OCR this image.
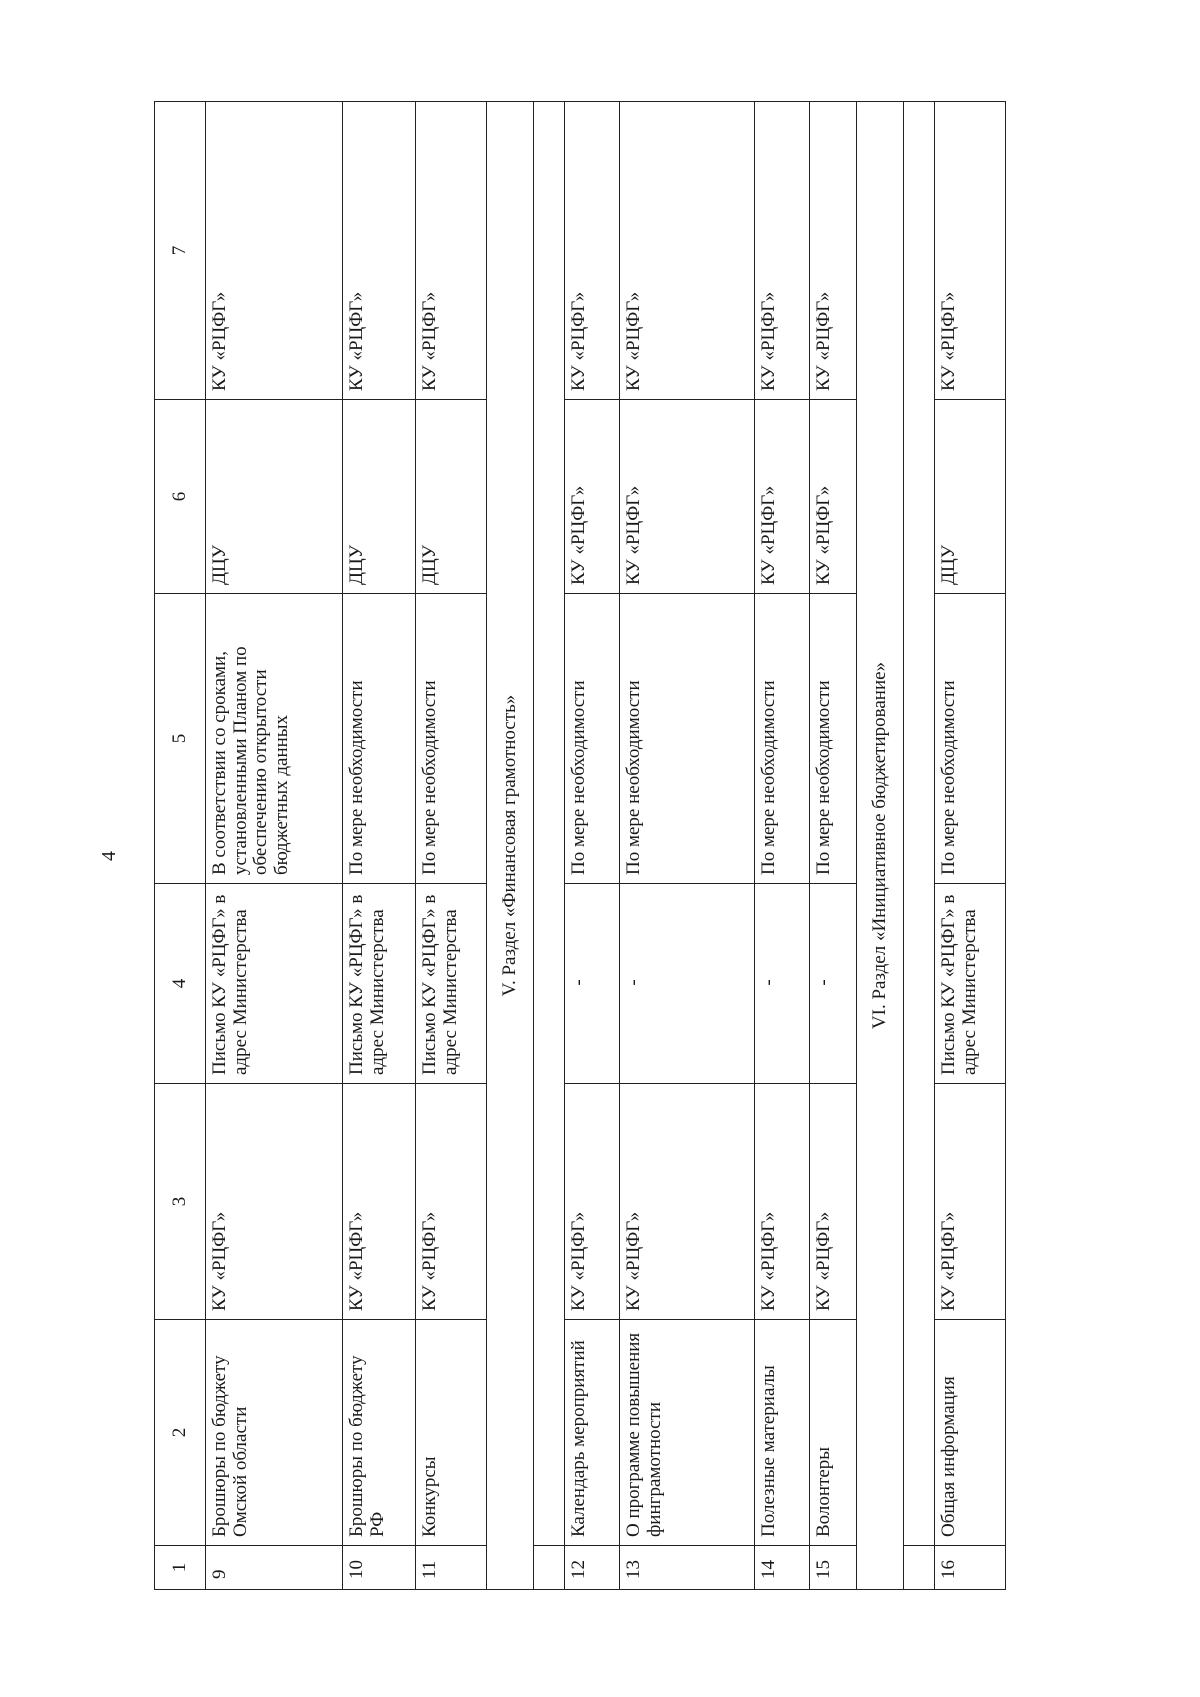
4
1	2	3	4	5	6	7
9	Брошюры по бюджету Омской области	КУ «РЦФГ»	Письмо КУ «РЦФГ» в адрес Министерства	В соответствии со сроками, установленными Планом по обеспечению открытости бюджетных данных	ДЦУ	КУ «РЦФГ»
10	Брошюры по бюджету РФ	КУ «РЦФГ»	Письмо КУ «РЦФГ» в адрес Министерства	По мере необходимости	ДЦУ	КУ «РЦФГ»
11	Конкурсы	КУ «РЦФГ»	Письмо КУ «РЦФГ» в адрес Министерства	По мере необходимости	ДЦУ	КУ «РЦФГ»
V. Раздел «Финансовая грамотность»						

12	Календарь мероприятий	КУ «РЦФГ»	-	По мере необходимости	КУ «РЦФГ»	КУ «РЦФГ»
13	О программе повышения фингрaмотности	КУ «РЦФГ»	-	По мере необходимости	КУ «РЦФГ»	КУ «РЦФГ»
14	Полезные материалы	КУ «РЦФГ»	-	По мере необходимости	КУ «РЦФГ»	КУ «РЦФГ»
15	Волонтеры	КУ «РЦФГ»	-	По мере необходимости	КУ «РЦФГ»	КУ «РЦФГ»
VI. Раздел «Инициативное бюджетирование»						

16	Общая информация	КУ «РЦФГ»	Письмо КУ «РЦФГ» в адрес Министерства	По мере необходимости	ДЦУ	КУ «РЦФГ»
